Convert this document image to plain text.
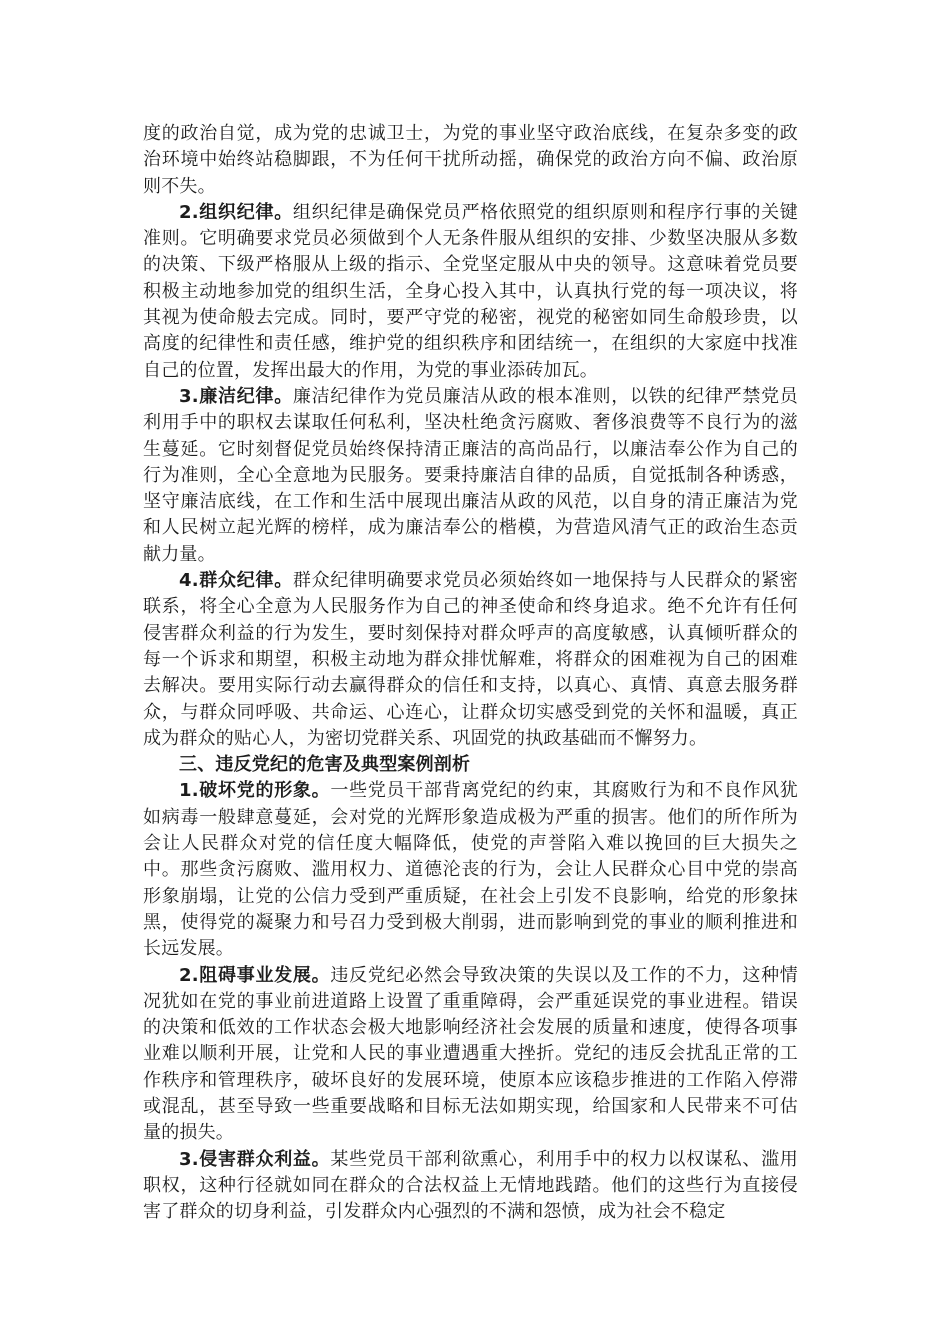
度的政治自觉，成为党的忠诚卫士，为党的事业坚守政治底线，在复杂多变的政治环境中始终站稳脚跟，不为任何干扰所动摇，确保党的政治方向不偏、政治原则不失。

2.组织纪律。组织纪律是确保党员严格依照党的组织原则和程序行事的关键准则。它明确要求党员必须做到个人无条件服从组织的安排、少数坚决服从多数的决策、下级严格服从上级的指示、全党坚定服从中央的领导。这意味着党员要积极主动地参加党的组织生活，全身心投入其中，认真执行党的每一项决议，将其视为使命般去完成。同时，要严守党的秘密，视党的秘密如同生命般珍贵，以高度的纪律性和责任感，维护党的组织秩序和团结统一，在组织的大家庭中找准自己的位置，发挥出最大的作用，为党的事业添砖加瓦。

3.廉洁纪律。廉洁纪律作为党员廉洁从政的根本准则，以铁的纪律严禁党员利用手中的职权去谋取任何私利，坚决杜绝贪污腐败、奢侈浪费等不良行为的滋生蔓延。它时刻督促党员始终保持清正廉洁的高尚品行，以廉洁奉公作为自己的行为准则，全心全意地为民服务。要秉持廉洁自律的品质，自觉抵制各种诱惑，坚守廉洁底线，在工作和生活中展现出廉洁从政的风范，以自身的清正廉洁为党和人民树立起光辉的榜样，成为廉洁奉公的楷模，为营造风清气正的政治生态贡献力量。

4.群众纪律。群众纪律明确要求党员必须始终如一地保持与人民群众的紧密联系，将全心全意为人民服务作为自己的神圣使命和终身追求。绝不允许有任何侵害群众利益的行为发生，要时刻保持对群众呼声的高度敏感，认真倾听群众的每一个诉求和期望，积极主动地为群众排忧解难，将群众的困难视为自己的困难去解决。要用实际行动去赢得群众的信任和支持，以真心、真情、真意去服务群众，与群众同呼吸、共命运、心连心，让群众切实感受到党的关怀和温暖，真正成为群众的贴心人，为密切党群关系、巩固党的执政基础而不懈努力。

三、违反党纪的危害及典型案例剖析

1.破坏党的形象。一些党员干部背离党纪的约束，其腐败行为和不良作风犹如病毒一般肆意蔓延，会对党的光辉形象造成极为严重的损害。他们的所作所为会让人民群众对党的信任度大幅降低，使党的声誉陷入难以挽回的巨大损失之中。那些贪污腐败、滥用权力、道德沦丧的行为，会让人民群众心目中党的崇高形象崩塌，让党的公信力受到严重质疑，在社会上引发不良影响，给党的形象抹黑，使得党的凝聚力和号召力受到极大削弱，进而影响到党的事业的顺利推进和长远发展。

2.阻碍事业发展。违反党纪必然会导致决策的失误以及工作的不力，这种情况犹如在党的事业前进道路上设置了重重障碍，会严重延误党的事业进程。错误的决策和低效的工作状态会极大地影响经济社会发展的质量和速度，使得各项事业难以顺利开展，让党和人民的事业遭遇重大挫折。党纪的违反会扰乱正常的工作秩序和管理秩序，破坏良好的发展环境，使原本应该稳步推进的工作陷入停滞或混乱，甚至导致一些重要战略和目标无法如期实现，给国家和人民带来不可估量的损失。

3.侵害群众利益。某些党员干部利欲熏心，利用手中的权力以权谋私、滥用职权，这种行径就如同在群众的合法权益上无情地践踏。他们的这些行为直接侵害了群众的切身利益，引发群众内心强烈的不满和怨愤，成为社会不稳定
